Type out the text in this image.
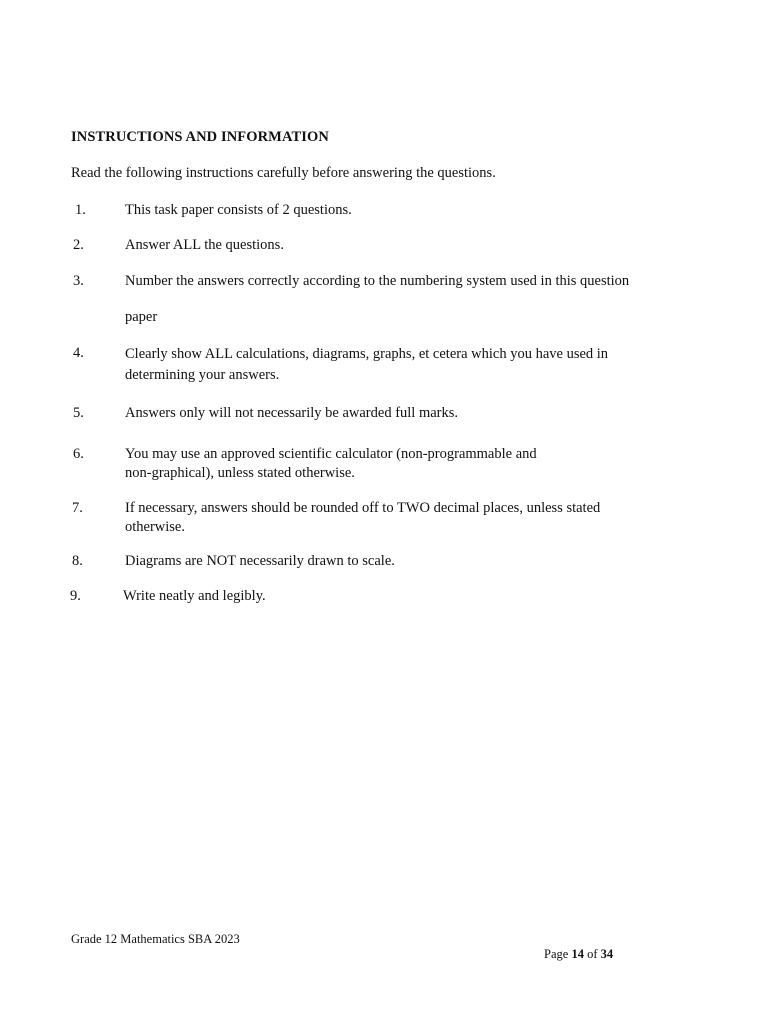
INSTRUCTIONS AND INFORMATION
Read the following instructions carefully before answering the questions.
1.	This task paper consists of 2 questions.
2.	Answer ALL the questions.
3.	Number the answers correctly according to the numbering system used in this question
paper
4.	Clearly show ALL calculations, diagrams, graphs, et cetera which you have used in
determining your answers.
5.	Answers only will not necessarily be awarded full marks.
6.	You may use an approved scientific calculator (non-programmable and
non-graphical), unless stated otherwise.
7.	If necessary, answers should be rounded off to TWO decimal places, unless stated
otherwise.
8.	Diagrams are NOT necessarily drawn to scale.
9.	Write neatly and legibly.
Grade 12 Mathematics SBA 2023
Page 14 of 34
